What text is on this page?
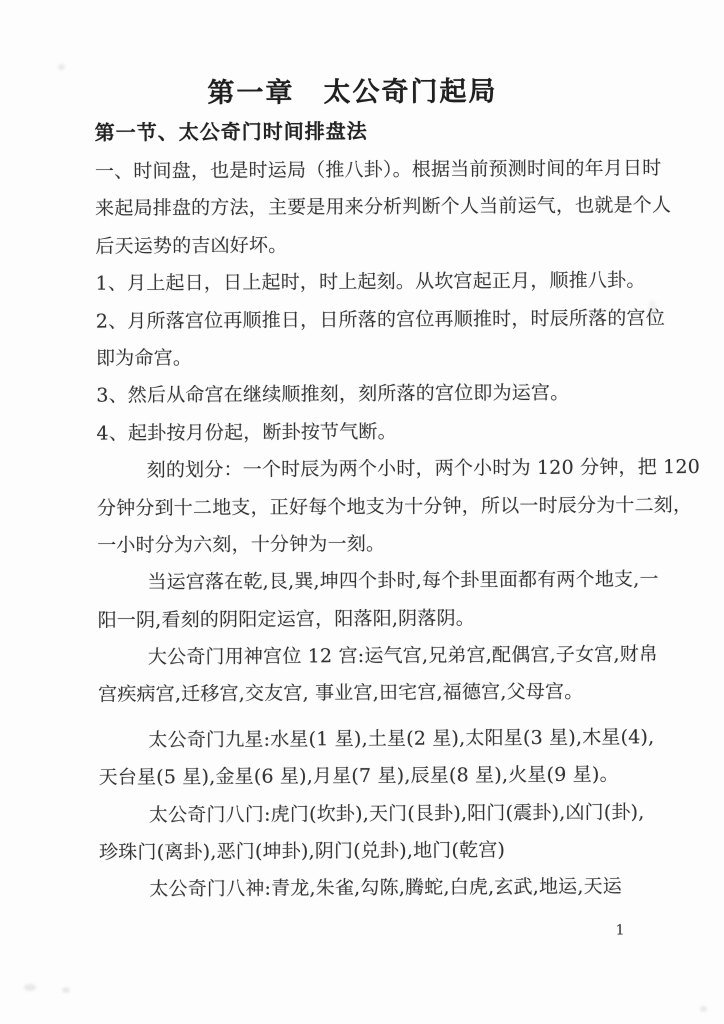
第一章　太公奇门起局
第一节、太公奇门时间排盘法
一、时间盘，也是时运局（推八卦）。根据当前预测时间的年月日时
来起局排盘的方法，主要是用来分析判断个人当前运气，也就是个人
后天运势的吉凶好坏。
1、月上起日，日上起时，时上起刻。从坎宫起正月，顺推八卦。
2、月所落宫位再顺推日，日所落的宫位再顺推时，时辰所落的宫位
即为命宫。
3、然后从命宫在继续顺推刻，刻所落的宫位即为运宫。
4、起卦按月份起，断卦按节气断。
刻的划分：一个时辰为两个小时，两个小时为 120 分钟，把 120
分钟分到十二地支，正好每个地支为十分钟，所以一时辰分为十二刻，
一小时分为六刻，十分钟为一刻。
当运宫落在乾,艮,巽,坤四个卦时,每个卦里面都有两个地支,一
阳一阴,看刻的阴阳定运宫，阳落阳,阴落阴。
大公奇门用神宫位 12 宫:运气宫,兄弟宫,配偶宫,子女宫,财帛
宫疾病宫,迁移宫,交友宫, 事业宫,田宅宫,福德宫,父母宫。
太公奇门九星:水星(1 星),土星(2 星),太阳星(3 星),木星(4),
天台星(5 星),金星(6 星),月星(7 星),辰星(8 星),火星(9 星)。
太公奇门八门:虎门(坎卦),天门(艮卦),阳门(震卦),凶门(卦),
珍珠门(离卦),恶门(坤卦),阴门(兑卦),地门(乾宫)
太公奇门八神:青龙,朱雀,勾陈,腾蛇,白虎,玄武,地运,天运
1
